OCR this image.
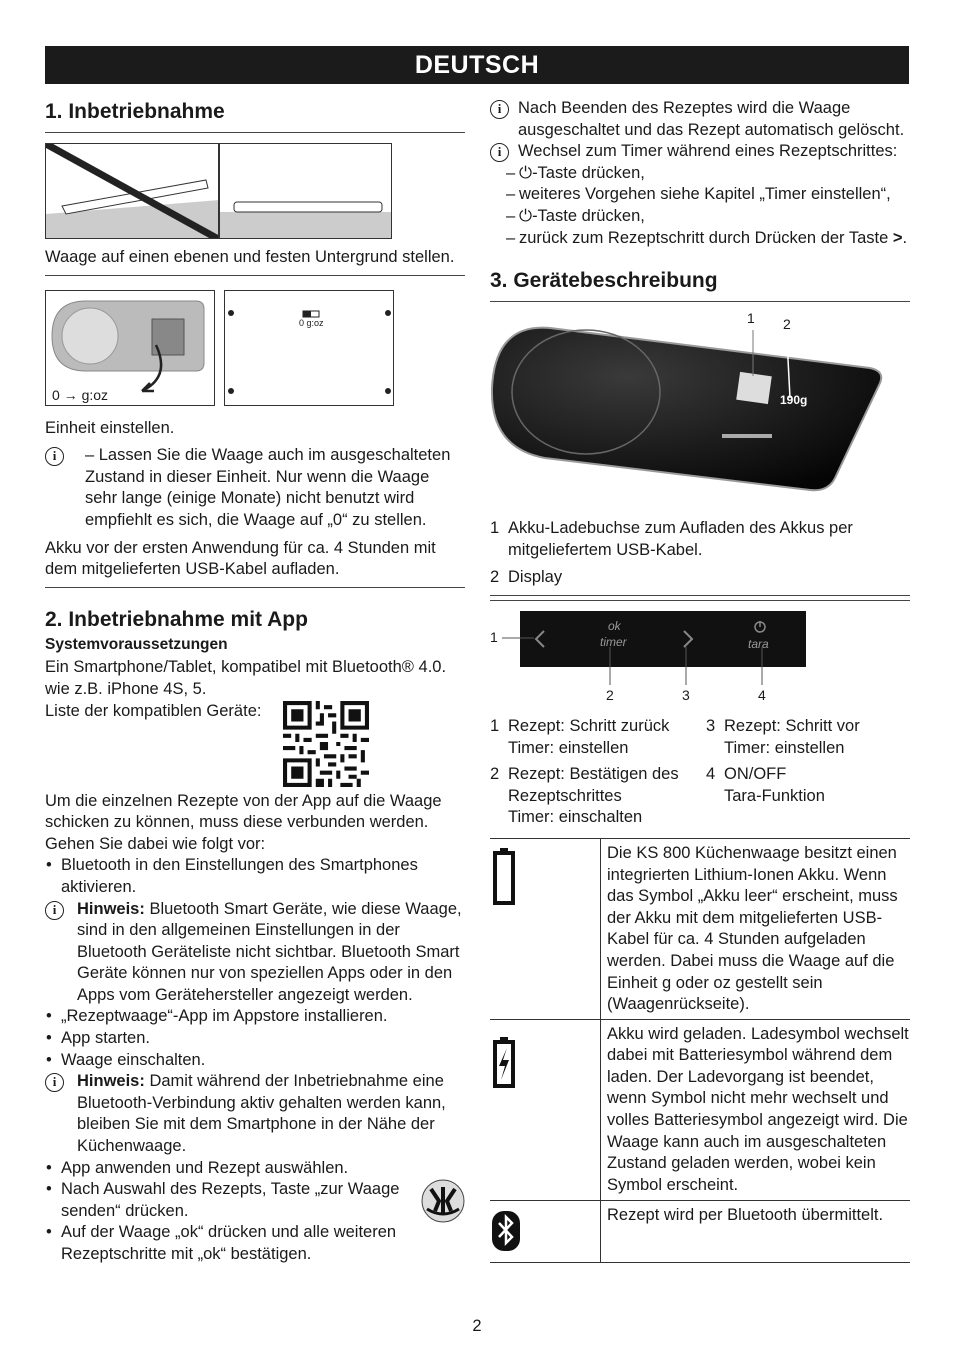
DEUTSCH
1. Inbetriebnahme

Waage auf einen ebenen und festen Untergrund stellen.

0 → g:oz
0 g:oz

Einheit einstellen.

i	– Lassen Sie die Waage auch im ausgeschalteten Zustand in dieser Einheit. Nur wenn die Waage sehr lange (einige Monate) nicht benutzt wird empfiehlt es sich, die Waage auf „0“ zu stellen.

Akku vor der ersten Anwendung für ca. 4 Stunden mit dem mitgelieferten USB-Kabel aufladen.

2. Inbetriebnahme mit App

Systemvoraussetzungen

Ein Smartphone/Tablet, kompatibel mit Bluetooth® 4.0. wie z.B. iPhone 4S, 5.

Liste der kompatiblen Geräte:

Um die einzelnen Rezepte von der App auf die Waage schicken zu können, muss diese verbunden werden. Gehen Sie dabei wie folgt vor:

• Bluetooth in den Einstellungen des Smartphones aktivieren.

i	Hinweis: Bluetooth Smart Geräte, wie diese Waage, sind in den allgemeinen Einstellungen in der Bluetooth Geräteliste nicht sichtbar. Bluetooth Smart Geräte können nur von speziellen Apps oder in den Apps vom Gerätehersteller angezeigt werden.

• „Rezeptwaage“-App im Appstore installieren.

• App starten.

• Waage einschalten.

i	Hinweis: Damit während der Inbetriebnahme eine Bluetooth-Verbindung aktiv gehalten werden kann, bleiben Sie mit dem Smartphone in der Nähe der Küchenwaage.

• App anwenden und Rezept auswählen.

• Nach Auswahl des Rezepts, Taste „zur Waage senden“ drücken.

• Auf der Waage „ok“ drücken und alle weiteren Rezeptschritte mit „ok“ bestätigen.

i	Nach Beenden des Rezeptes wird die Waage ausgeschaltet und das Rezept automatisch gelöscht.
i	Wechsel zum Timer während eines Rezeptschrittes:

– ⏻-Taste drücken,

– weiteres Vorgehen siehe Kapitel „Timer einstellen“,

– ⏻-Taste drücken,

– zurück zum Rezeptschritt durch Drücken der Taste >.

3. Gerätebeschreibung
1 2
190g
1 Akku-Ladebuchse zum Aufladen des Akkus per mitgeliefertem USB-Kabel.
2 Display
ok
timer	tara
1
2	3	4
1 Rezept: Schritt zurück
Timer: einstellen
3 Rezept: Schritt vor
Timer: einstellen
2 Rezept: Bestätigen des
Rezeptschrittes
Timer: einschalten
4 ON/OFF
Tara-Funktion
	Die KS 800 Küchenwaage besitzt einen integrierten Lithium-Ionen Akku. Wenn das Symbol „Akku leer“ erscheint, muss der Akku mit dem mitgelieferten USB-Kabel für ca. 4 Stunden aufgeladen werden. Dabei muss die Waage auf die Einheit g oder oz gestellt sein (Waagenrückseite).
	Akku wird geladen. Ladesymbol wechselt dabei mit Batteriesymbol während dem laden. Der Ladevorgang ist beendet, wenn Symbol nicht mehr wechselt und volles Batteriesymbol angezeigt wird. Die Waage kann auch im ausgeschalteten Zustand geladen werden, wobei kein Symbol erscheint.
	Rezept wird per Bluetooth übermittelt.
2
